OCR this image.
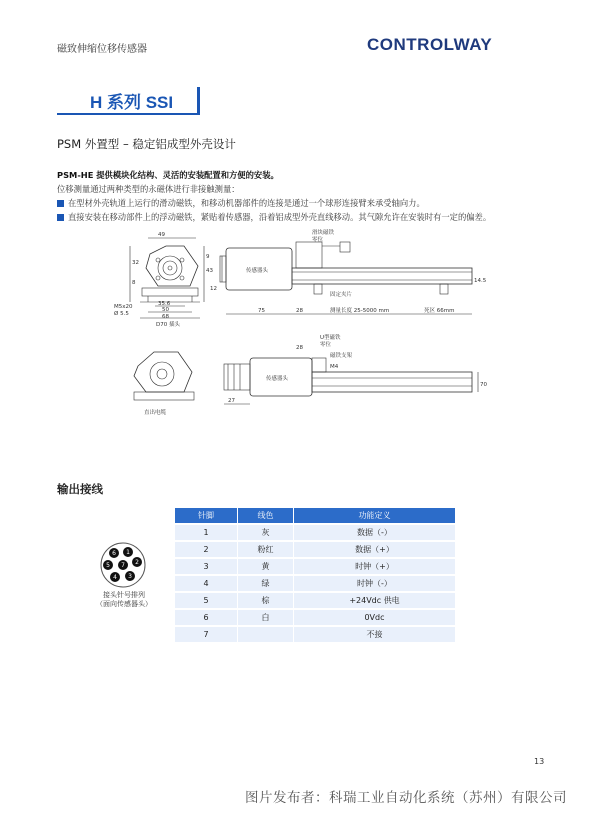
磁致伸缩位移传感器	CONTROLWAY
H 系列 SSI
PSM 外置型 – 稳定铝成型外壳设计
PSM-HE 提供模块化结构、灵活的安装配置和方便的安装。
位移测量通过两种类型的永磁体进行非接触测量：
在型材外壳轨道上运行的滑动磁铁，和移动机器部件的连接是通过一个球形连接臂来承受轴向力。
直接安装在移动部件上的浮动磁铁，紧贴着传感器，沿着铝成型外壳直线移动。其气隙允许在安装时有一定的偏差。
49
32
43
9
8
35.6
50
68
M5x20
Ø 5.5
D70 插头
传感器头
滑块磁铁
零位
固定夹片
75	28	测量长度 25-5000 mm	死区 66mm
14.5
12
直出电缆
传感器头
U型磁铁
零位
磁铁支架
M4
28
27
70
输出接线
6 1
5 7 2
4 3
接头针号排列
（面向传感器头）
针脚	线色	功能定义
1	灰	数据（-）
2	粉红	数据（+）
3	黄	时钟（+）
4	绿	时钟（-）
5	棕	+24Vdc 供电
6	白	0Vdc
7		不接
13
图片发布者：科瑞工业自动化系统（苏州）有限公司
